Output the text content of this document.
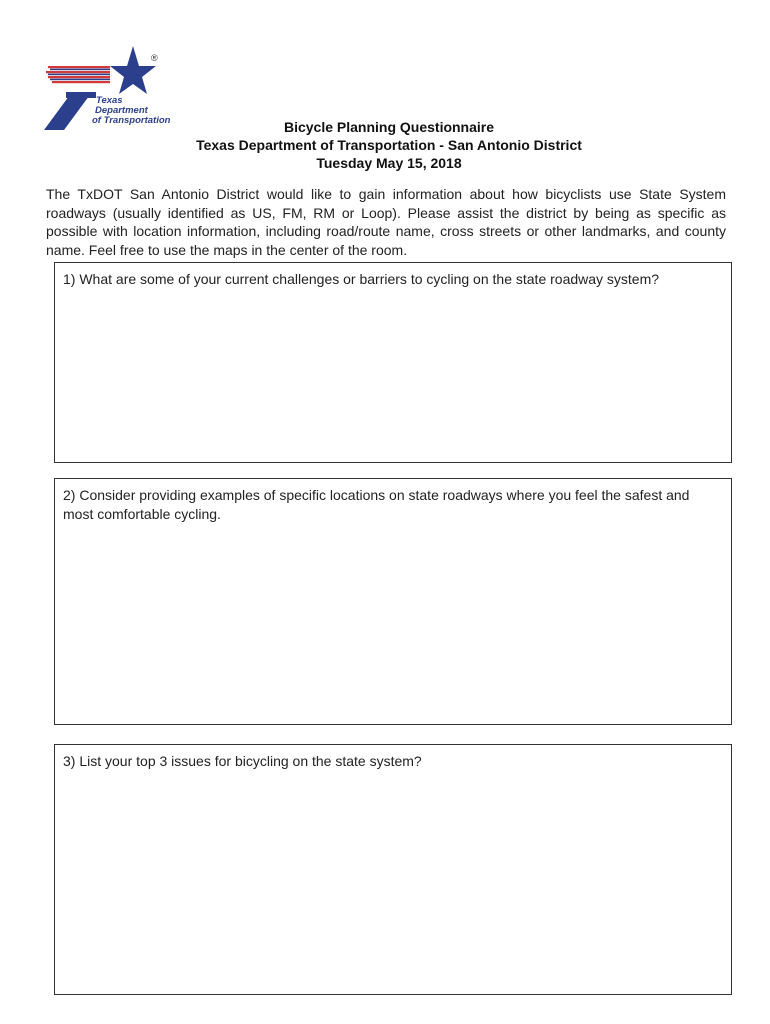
Texas
Department
of Transportation
®
Bicycle Planning Questionnaire
Texas Department of Transportation - San Antonio District
Tuesday May 15, 2018
The TxDOT San Antonio District would like to gain information about how bicyclists use State System roadways (usually identified as US, FM, RM or Loop). Please assist the district by being as specific as possible with location information, including road/route name, cross streets or other landmarks, and county name. Feel free to use the maps in the center of the room.
1) What are some of your current challenges or barriers to cycling on the state roadway system?
2) Consider providing examples of specific locations on state roadways where you feel the safest and most comfortable cycling.
3) List your top 3 issues for bicycling on the state system?
